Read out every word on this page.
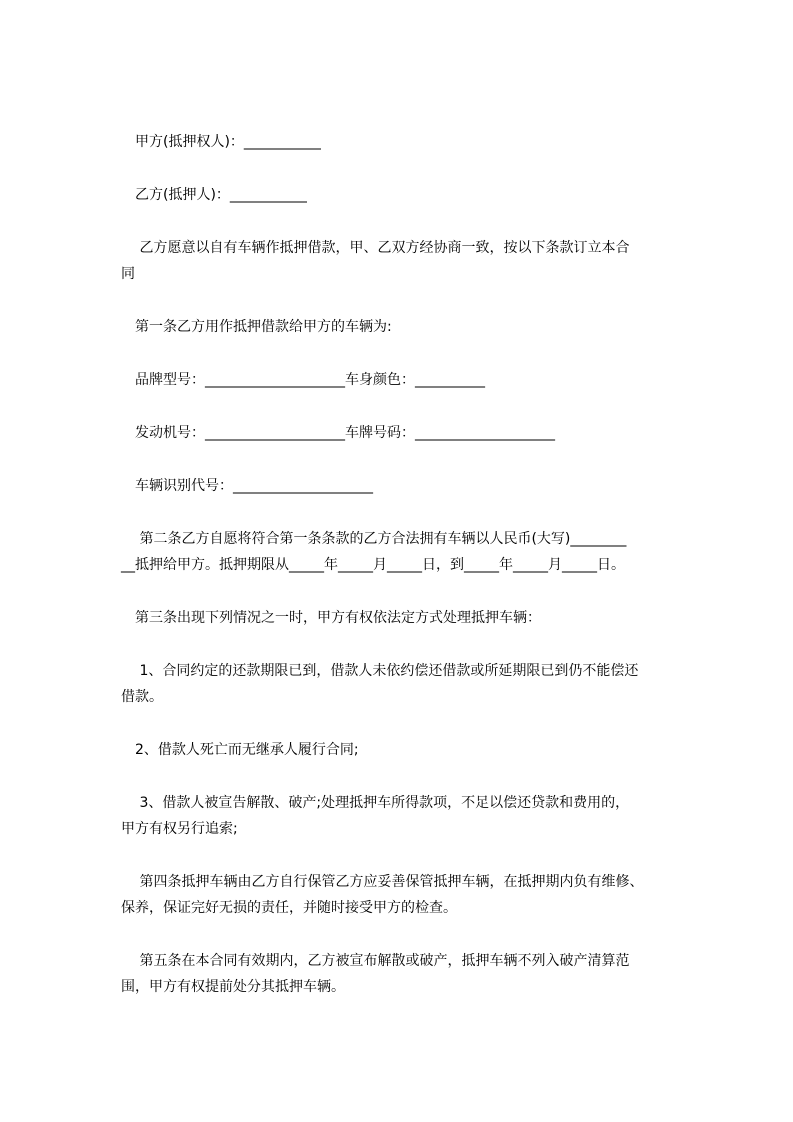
甲方(抵押权人)：___________

乙方(抵押人)：___________

乙方愿意以自有车辆作抵押借款，甲、乙双方经协商一致，按以下条款订立本合

同

第一条乙方用作抵押借款给甲方的车辆为:

品牌型号：____________________车身颜色：__________

发动机号：____________________车牌号码：____________________

车辆识别代号：____________________

第二条乙方自愿将符合第一条条款的乙方合法拥有车辆以人民币(大写)________

__抵押给甲方。抵押期限从_____年_____月_____日，到_____年_____月_____日。

第三条出现下列情况之一时，甲方有权依法定方式处理抵押车辆：

1、合同约定的还款期限已到，借款人未依约偿还借款或所延期限已到仍不能偿还

借款。

2、借款人死亡而无继承人履行合同;

3、借款人被宣告解散、破产;处理抵押车所得款项，不足以偿还贷款和费用的，

甲方有权另行追索;

第四条抵押车辆由乙方自行保管乙方应妥善保管抵押车辆，在抵押期内负有维修、

保养，保证完好无损的责任，并随时接受甲方的检查。

第五条在本合同有效期内，乙方被宣布解散或破产，抵押车辆不列入破产清算范

围，甲方有权提前处分其抵押车辆。
